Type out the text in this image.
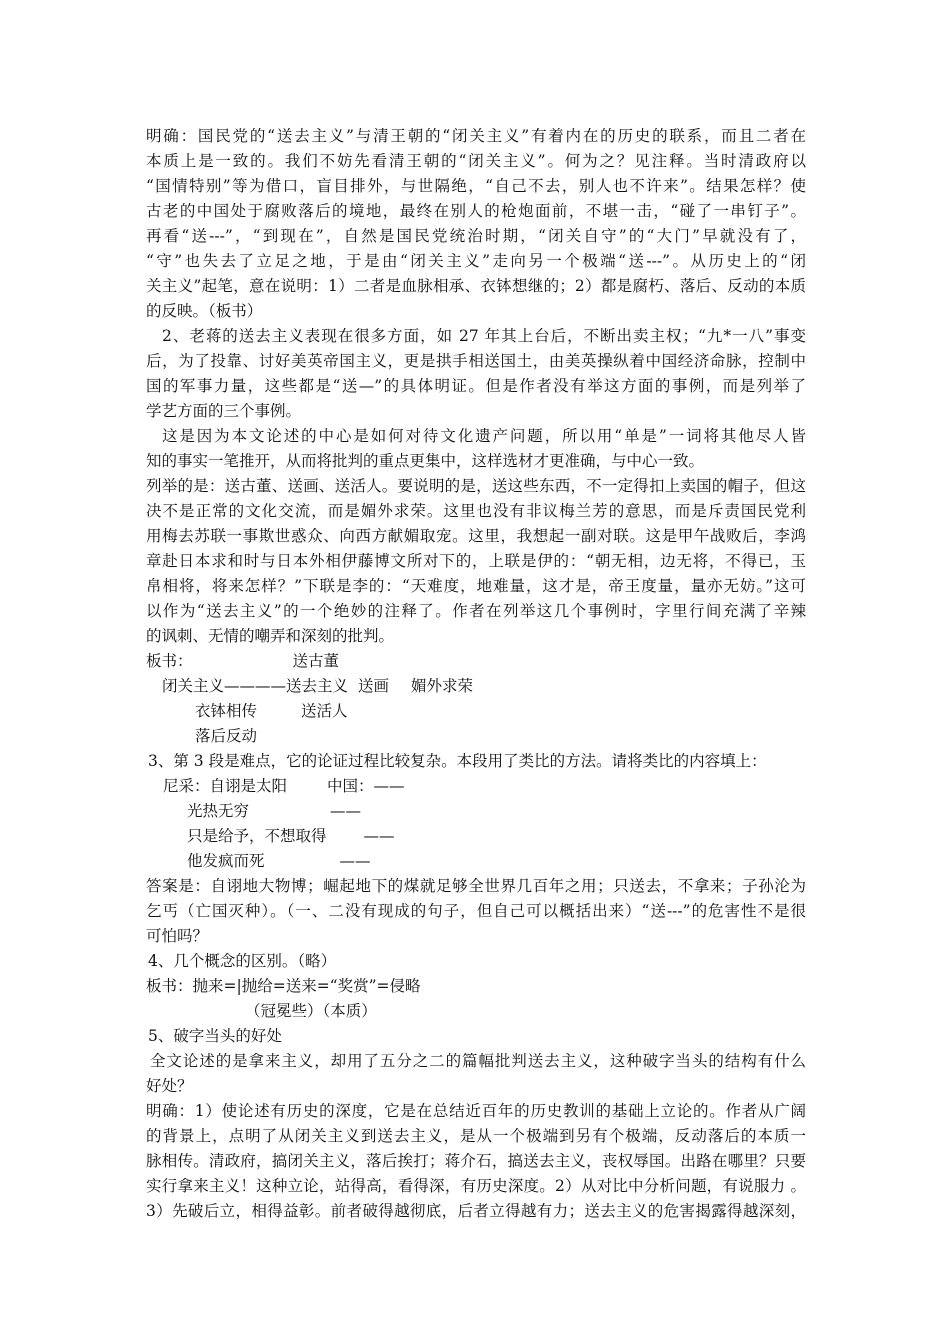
明确：国民党的“送去主义”与清王朝的“闭关主义”有着内在的历史的联系，而且二者在
本质上是一致的。我们不妨先看清王朝的“闭关主义”。何为之？见注释。当时清政府以
“国情特别”等为借口，盲目排外，与世隔绝，“自己不去，别人也不许来”。结果怎样？使
古老的中国处于腐败落后的境地，最终在别人的枪炮面前，不堪一击，“碰了一串钉子”。
再看“送---”，“到现在”，自然是国民党统治时期，“闭关自守”的“大门”早就没有了，
“守”也失去了立足之地，于是由“闭关主义”走向另一个极端“送---”。从历史上的“闭
关主义”起笔，意在说明：1）二者是血脉相承、衣钵想继的；2）都是腐朽、落后、反动的本质
的反映。（板书）
2、老蒋的送去主义表现在很多方面，如 27 年其上台后，不断出卖主权；“九*一八”事变
后，为了投靠、讨好美英帝国主义，更是拱手相送国土，由美英操纵着中国经济命脉，控制中
国的军事力量，这些都是“送—”的具体明证。但是作者没有举这方面的事例，而是列举了
学艺方面的三个事例。
这是因为本文论述的中心是如何对待文化遗产问题，所以用“单是”一词将其他尽人皆
知的事实一笔推开，从而将批判的重点更集中，这样选材才更准确，与中心一致。
列举的是：送古董、送画、送活人。要说明的是，送这些东西，不一定得扣上卖国的帽子，但这
决不是正常的文化交流，而是媚外求荣。这里也没有非议梅兰芳的意思，而是斥责国民党利
用梅去苏联一事欺世惑众、向西方献媚取宠。这里，我想起一副对联。这是甲午战败后，李鸿
章赴日本求和时与日本外相伊藤博文所对下的，上联是伊的：“朝无相，边无将，不得已，玉
帛相将，将来怎样？”下联是李的：“天难度，地难量，这才是，帝王度量，量亦无妨。”这可
以作为“送去主义”的一个绝妙的注释了。作者在列举这几个事例时，字里行间充满了辛辣
的讽刺、无情的嘲弄和深刻的批判。
板书：	送古董
闭关主义————送去主义 送画 媚外求荣
衣钵相传	送活人
落后反动
3、第 3 段是难点，它的论证过程比较复杂。本段用了类比的方法。请将类比的内容填上：
尼采：自诩是太阳	中国：——
光热无穷	——
只是给予，不想取得 ——
他发疯而死	——
答案是：自诩地大物博；崛起地下的煤就足够全世界几百年之用；只送去，不拿来；子孙沦为
乞丐（亡国灭种）。（一、二没有现成的句子，但自己可以概括出来）“送---”的危害性不是很
可怕吗？
4、几个概念的区别。（略）
板书：抛来=|抛给=送来=“奖赏”=侵略
（冠冕些）（本质）
5、破字当头的好处
全文论述的是拿来主义，却用了五分之二的篇幅批判送去主义，这种破字当头的结构有什么
好处？
明确：1）使论述有历史的深度，它是在总结近百年的历史教训的基础上立论的。作者从广阔
的背景上，点明了从闭关主义到送去主义，是从一个极端到另有个极端，反动落后的本质一
脉相传。清政府，搞闭关主义，落后挨打；蒋介石，搞送去主义，丧权辱国。出路在哪里？只要
实行拿来主义！这种立论，站得高，看得深，有历史深度。2）从对比中分析问题，有说服力 。
3）先破后立，相得益彰。前者破得越彻底，后者立得越有力；送去主义的危害揭露得越深刻，
